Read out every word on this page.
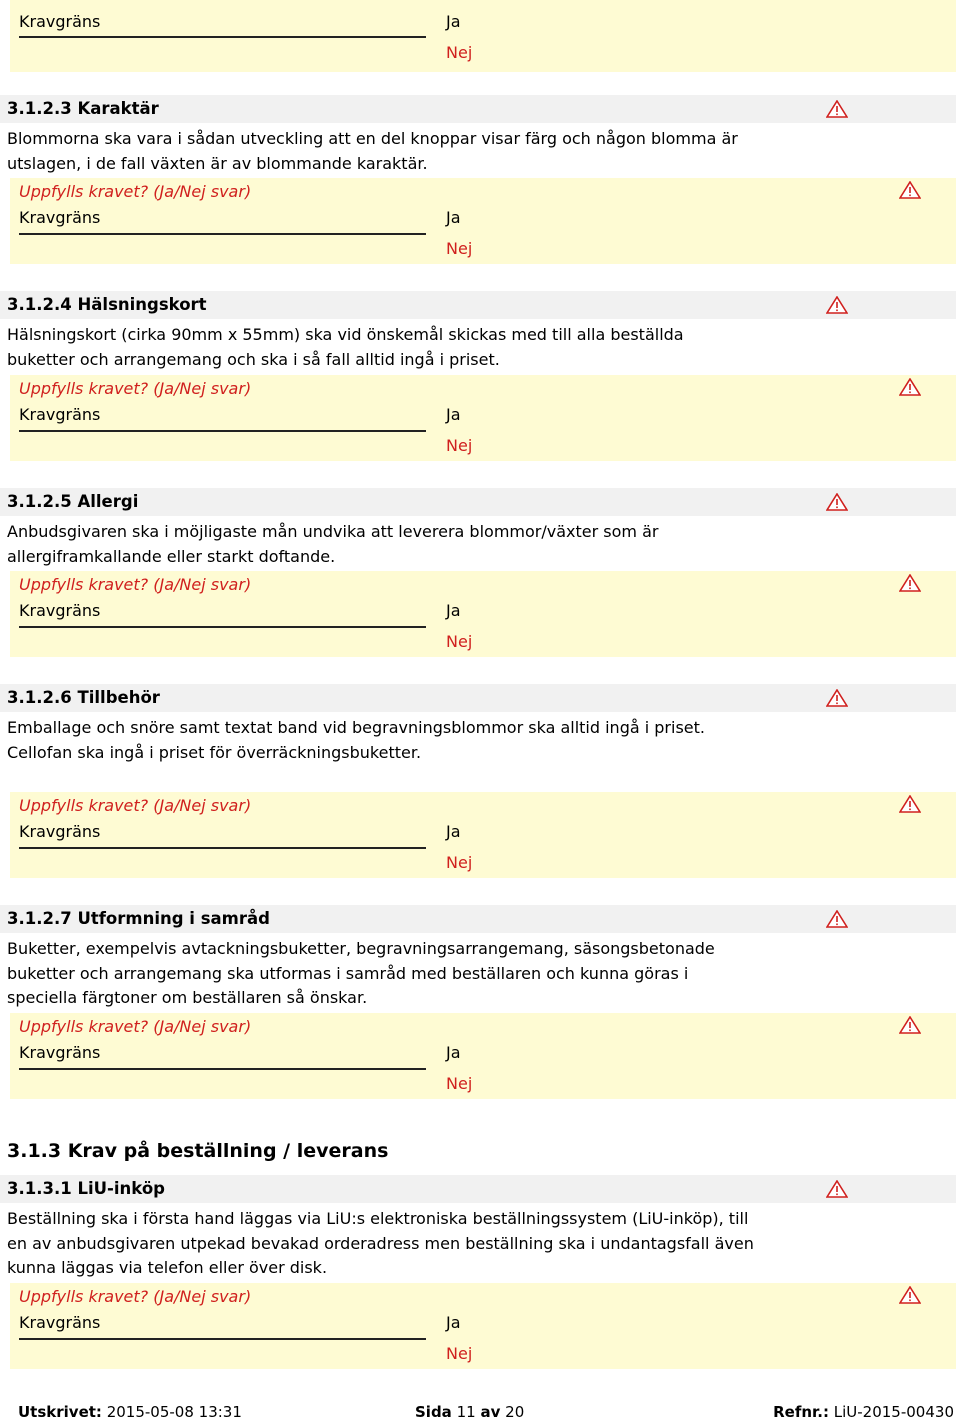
Kravgräns	Ja
Nej
3.1.2.3 Karaktär
Blommorna ska vara i sådan utveckling att en del knoppar visar färg och någon blomma är
utslagen, i de fall växten är av blommande karaktär.
Uppfylls kravet? (Ja/Nej svar)
Kravgräns	Ja
Nej
3.1.2.4 Hälsningskort
Hälsningskort (cirka 90mm x 55mm) ska vid önskemål skickas med till alla beställda
buketter och arrangemang och ska i så fall alltid ingå i priset.
Uppfylls kravet? (Ja/Nej svar)
Kravgräns	Ja
Nej
3.1.2.5 Allergi
Anbudsgivaren ska i möjligaste mån undvika att leverera blommor/växter som är
allergiframkallande eller starkt doftande.
Uppfylls kravet? (Ja/Nej svar)
Kravgräns	Ja
Nej
3.1.2.6 Tillbehör
Emballage och snöre samt textat band vid begravningsblommor ska alltid ingå i priset.
Cellofan ska ingå i priset för överräckningsbuketter.
Uppfylls kravet? (Ja/Nej svar)
Kravgräns	Ja
Nej
3.1.2.7 Utformning i samråd
Buketter, exempelvis avtackningsbuketter, begravningsarrangemang, säsongsbetonade
buketter och arrangemang ska utformas i samråd med beställaren och kunna göras i
speciella färgtoner om beställaren så önskar.
Uppfylls kravet? (Ja/Nej svar)
Kravgräns	Ja
Nej
3.1.3 Krav på beställning / leverans
3.1.3.1 LiU-inköp
Beställning ska i första hand läggas via LiU:s elektroniska beställningssystem (LiU-inköp), till
en av anbudsgivaren utpekad bevakad orderadress men beställning ska i undantagsfall även
kunna läggas via telefon eller över disk.
Uppfylls kravet? (Ja/Nej svar)
Kravgräns	Ja
Nej
Utskrivet: 2015-05-08 13:31	Sida 11 av 20	Refnr.: LiU-2015-00430
